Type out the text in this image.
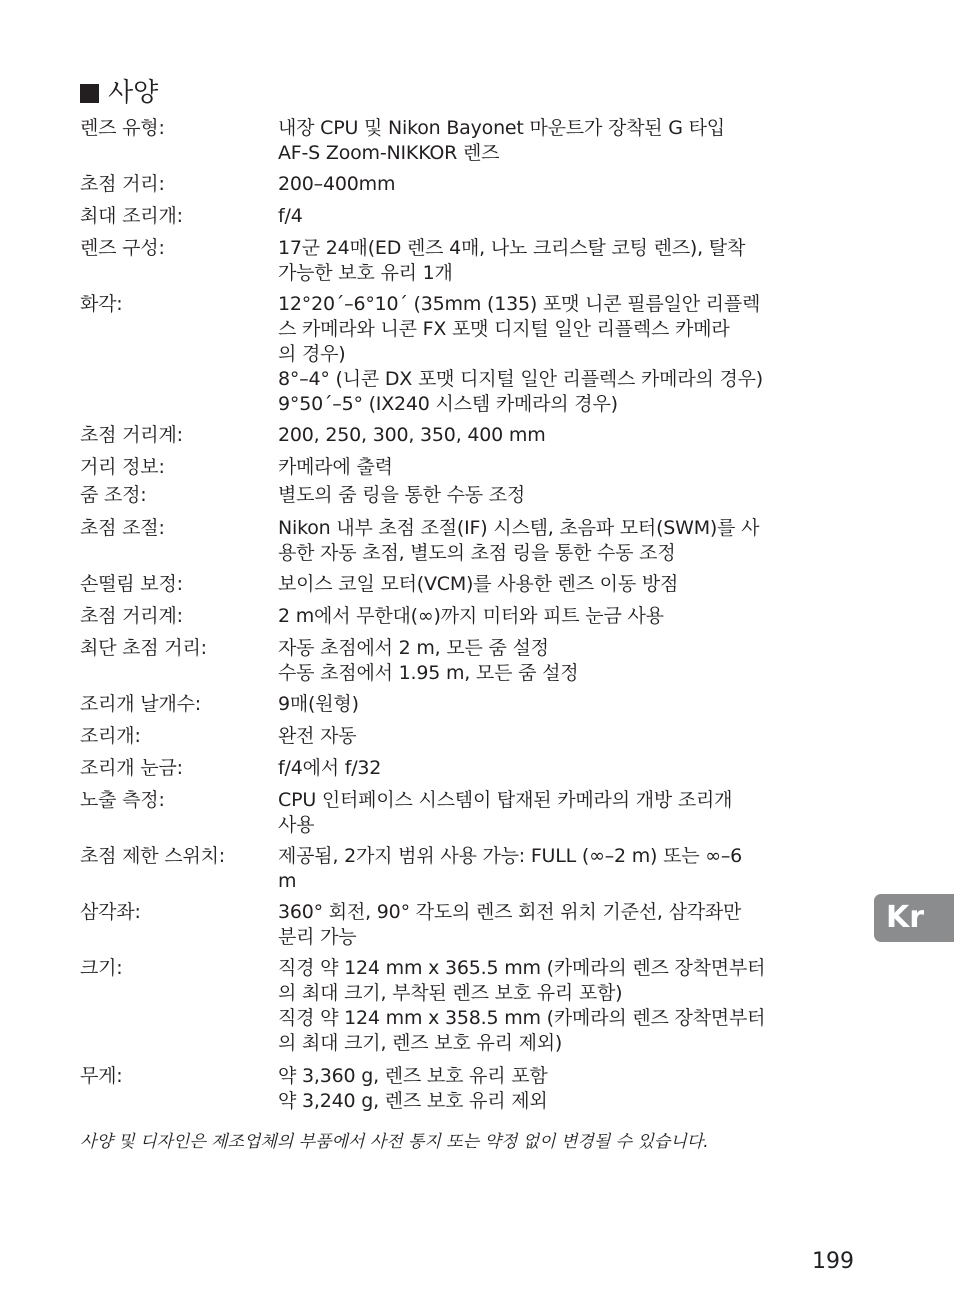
사양
렌즈 유형:	내장 CPU 및 Nikon Bayonet 마운트가 장착된 G 타입
AF-S Zoom-NIKKOR 렌즈
초점 거리:	200–400mm
최대 조리개:	f/4
렌즈 구성:	17군 24매(ED 렌즈 4매, 나노 크리스탈 코팅 렌즈), 탈착
가능한 보호 유리 1개
화각:	12°20´–6°10´ (35mm (135) 포맷 니콘 필름일안 리플렉
스 카메라와 니콘 FX 포맷 디지털 일안 리플렉스 카메라
의 경우)
8°–4° (니콘 DX 포맷 디지털 일안 리플렉스 카메라의 경우)
9°50´–5° (IX240 시스템 카메라의 경우)
초점 거리계:	200, 250, 300, 350, 400 mm
거리 정보:	카메라에 출력
줌 조정:	별도의 줌 링을 통한 수동 조정
초점 조절:	Nikon 내부 초점 조절(IF) 시스템, 초음파 모터(SWM)를 사
용한 자동 초점, 별도의 초점 링을 통한 수동 조정
손떨림 보정:	보이스 코일 모터(VCM)를 사용한 렌즈 이동 방점
초점 거리계:	2 m에서 무한대(∞)까지 미터와 피트 눈금 사용
최단 초점 거리:	자동 초점에서 2 m, 모든 줌 설정
수동 초점에서 1.95 m, 모든 줌 설정
조리개 날개수:	9매(원형)
조리개:	완전 자동
조리개 눈금:	f/4에서 f/32
노출 측정:	CPU 인터페이스 시스템이 탑재된 카메라의 개방 조리개
사용
초점 제한 스위치:	제공됨, 2가지 범위 사용 가능: FULL (∞–2 m) 또는 ∞–6
m
삼각좌:	360° 회전, 90° 각도의 렌즈 회전 위치 기준선, 삼각좌만
분리 가능
크기:	직경 약 124 mm x 365.5 mm (카메라의 렌즈 장착면부터
의 최대 크기, 부착된 렌즈 보호 유리 포함)
직경 약 124 mm x 358.5 mm (카메라의 렌즈 장착면부터
의 최대 크기, 렌즈 보호 유리 제외)
무게:	약 3,360 g, 렌즈 보호 유리 포함
약 3,240 g, 렌즈 보호 유리 제외
사양 및 디자인은 제조업체의 부품에서 사전 통지 또는 약정 없이 변경될 수 있습니다.
Kr
199
